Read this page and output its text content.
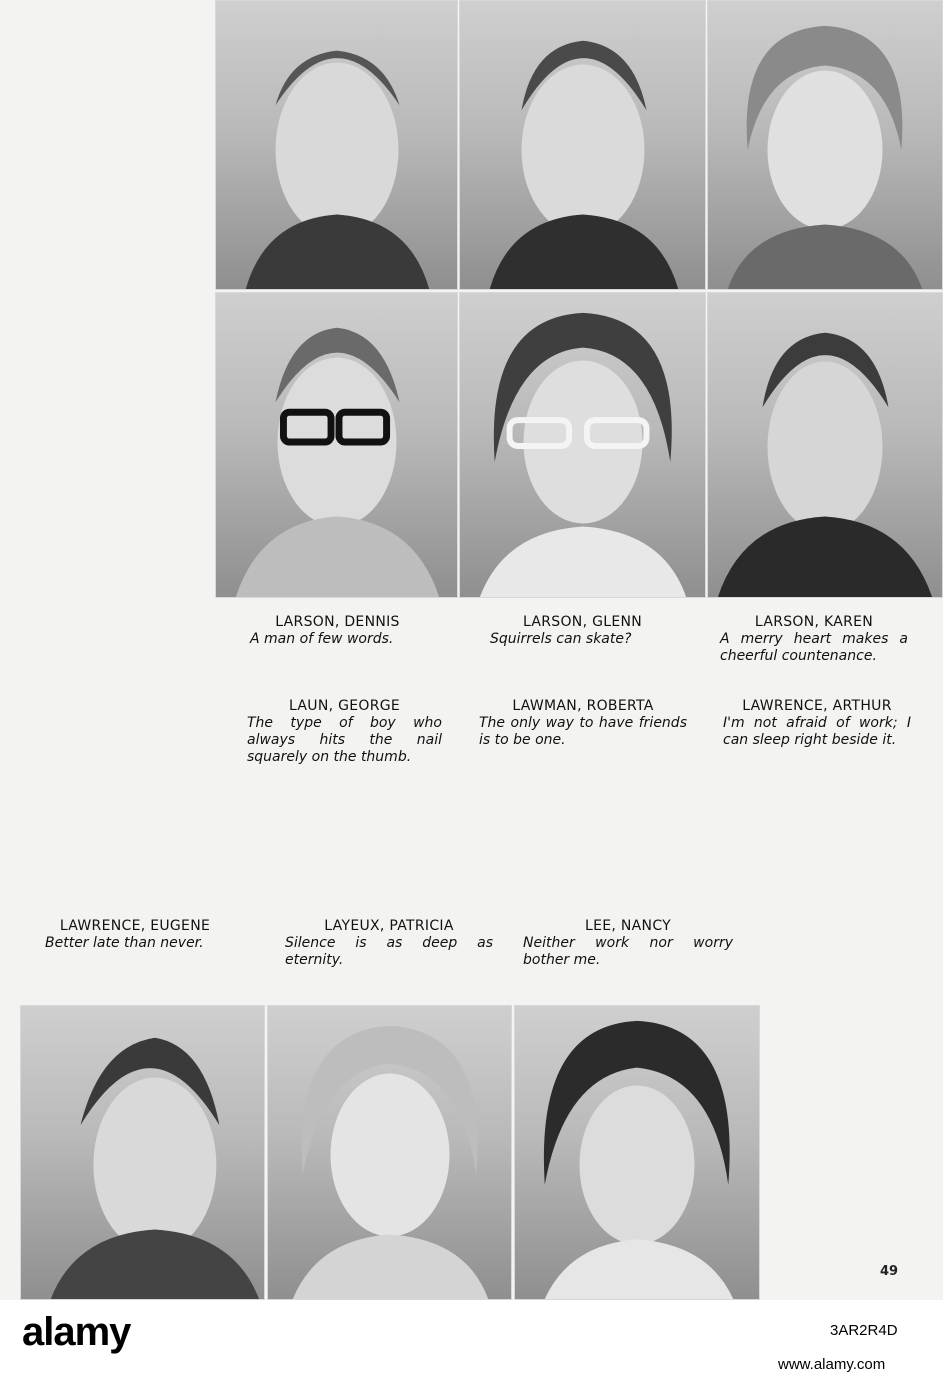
LARSON, DENNIS
A man of few words.
LARSON, GLENN
Squirrels can skate?
LARSON, KAREN
A merry heart makes a cheerful countenance.
LAUN, GEORGE
The type of boy who always hits the nail squarely on the thumb.
LAWMAN, ROBERTA
The only way to have friends is to be one.
LAWRENCE, ARTHUR
I'm not afraid of work; I can sleep right beside it.
LAWRENCE, EUGENE
Better late than never.
LAYEUX, PATRICIA
Silence is as deep as eternity.
LEE, NANCY
Neither work nor worry bother me.
49
alamy	3AR2R4D
www.alamy.com
